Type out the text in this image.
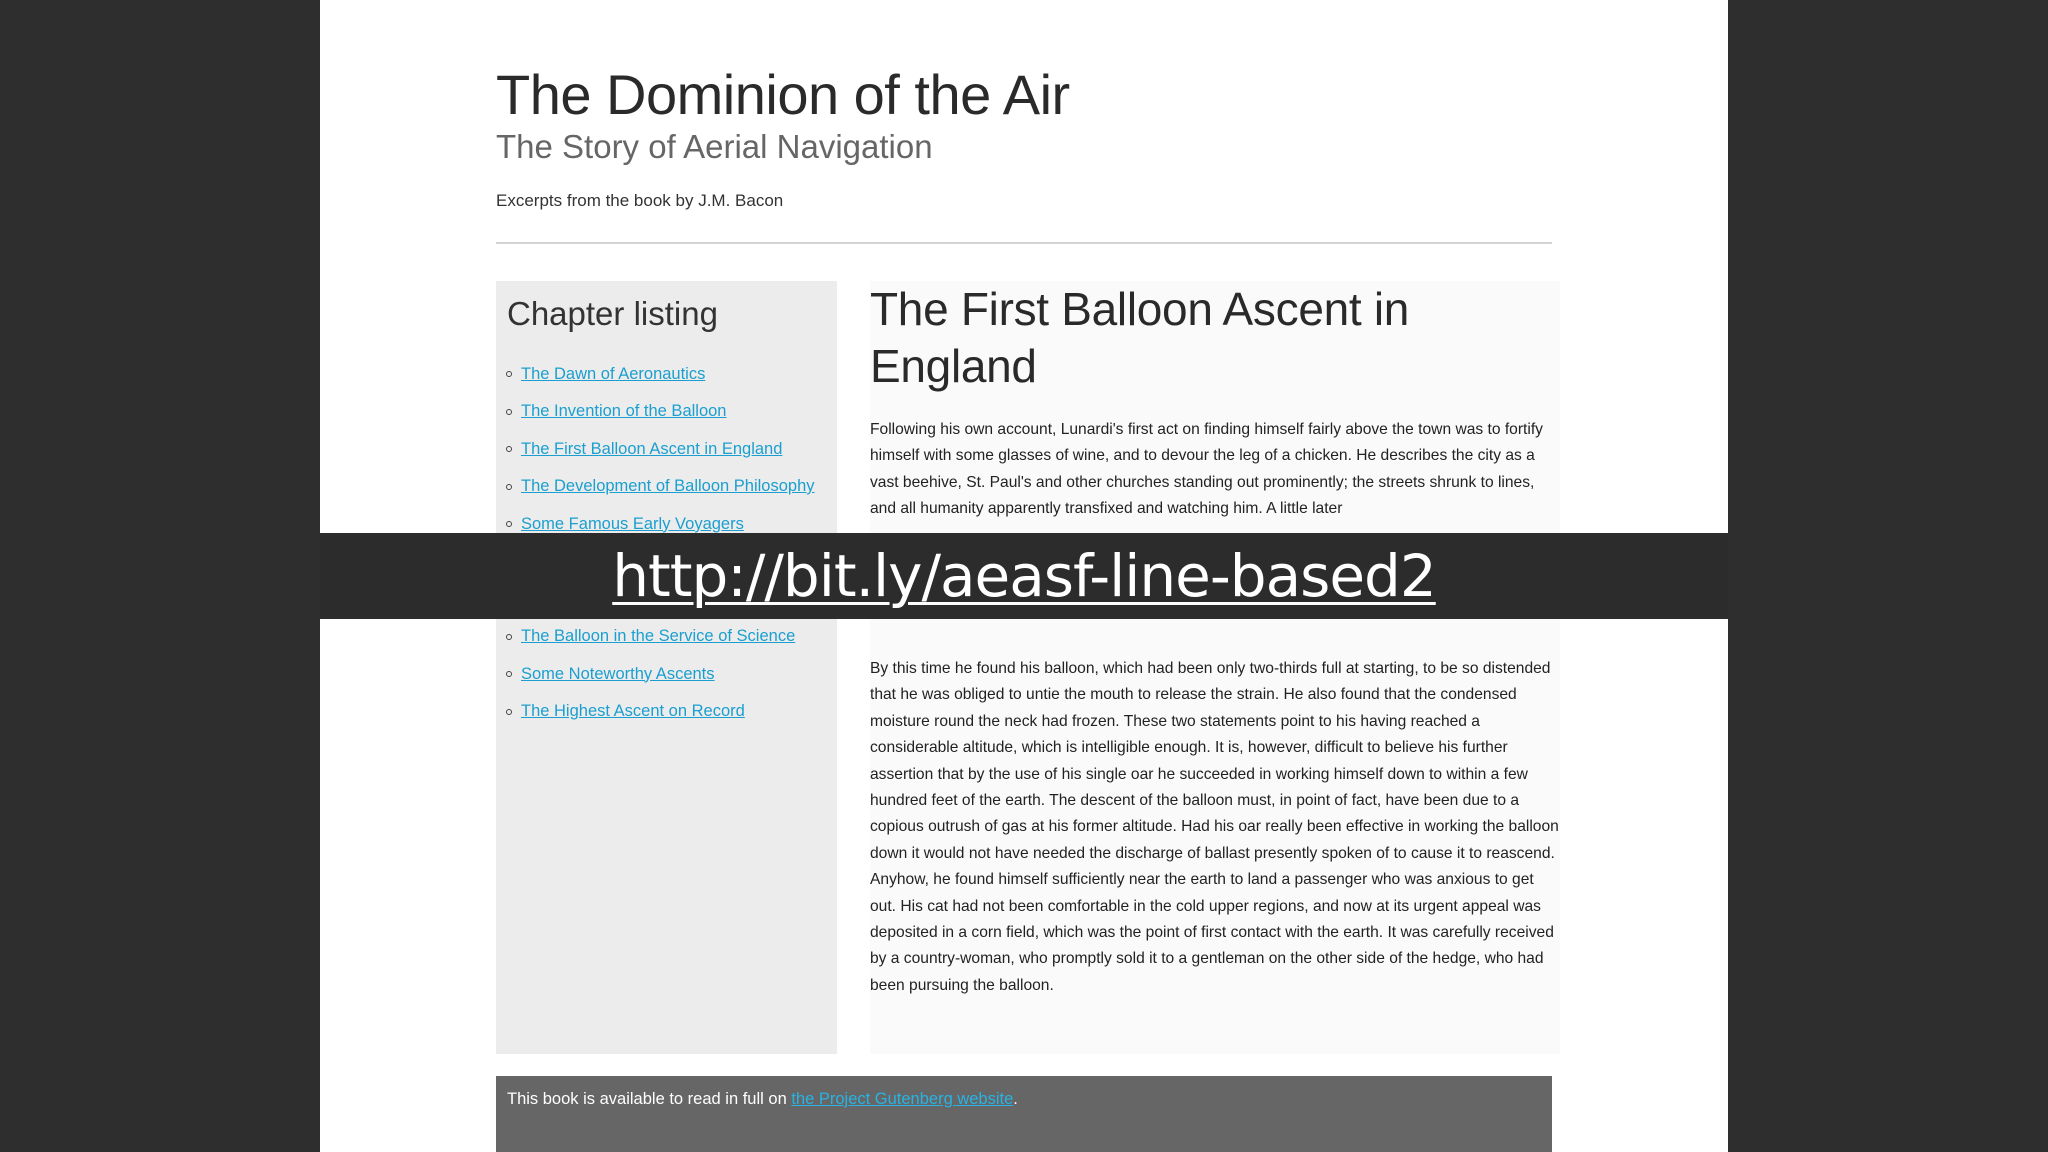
The Dominion of the Air
The Story of Aerial Navigation

Excerpts from the book by J.M. Bacon

Chapter listing
The Dawn of Aeronautics
The Invention of the Balloon
The First Balloon Ascent in England
The Development of Balloon Philosophy
Some Famous Early Voyagers
The Balloon in the Service of Science
Some Noteworthy Ascents
The Highest Ascent on Record
The First Balloon Ascent in England

Following his own account, Lunardi's first act on finding himself fairly above the town was to fortify himself with some glasses of wine, and to devour the leg of a chicken. He describes the city as a vast beehive, St. Paul's and other churches standing out prominently; the streets shrunk to lines, and all humanity apparently transfixed and watching him. A little later

By this time he found his balloon, which had been only two-thirds full at starting, to be so distended that he was obliged to untie the mouth to release the strain. He also found that the condensed moisture round the neck had frozen. These two statements point to his having reached a considerable altitude, which is intelligible enough. It is, however, difficult to believe his further assertion that by the use of his single oar he succeeded in working himself down to within a few hundred feet of the earth. The descent of the balloon must, in point of fact, have been due to a copious outrush of gas at his former altitude. Had his oar really been effective in working the balloon down it would not have needed the discharge of ballast presently spoken of to cause it to reascend. Anyhow, he found himself sufficiently near the earth to land a passenger who was anxious to get out. His cat had not been comfortable in the cold upper regions, and now at its urgent appeal was deposited in a corn field, which was the point of first contact with the earth. It was carefully received by a country-woman, who promptly sold it to a gentleman on the other side of the hedge, who had been pursuing the balloon.

This book is available to read in full on the Project Gutenberg website.
http://bit.ly/aeasf-line-based2
